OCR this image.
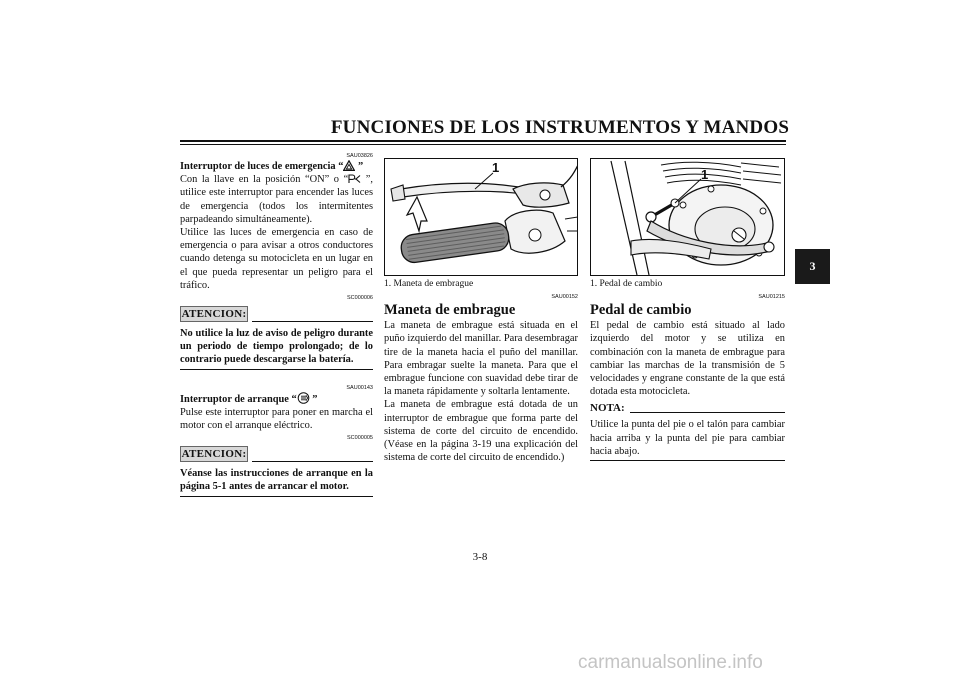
FUNCIONES DE LOS INSTRUMENTOS Y MANDOS
3
SAU03826

Interruptor de luces de emergencia “ ”

Con la llave en la posición “ON” o “ ”, utilice este interruptor para encender las luces de emergencia (todos los intermitentes parpadeando simultáneamente).

Utilice las luces de emergencia en caso de emergencia o para avisar a otros conductores cuando detenga su motocicleta en un lugar en el que pueda representar un peligro para el tráfico.

SC000006
ATENCION:

No utilice la luz de aviso de peligro durante un periodo de tiempo prolongado; de lo contrario puede descargarse la batería.

SAU00143

Interruptor de arranque “ ”

Pulse este interruptor para poner en marcha el motor con el arranque eléctrico.

SC000005
ATENCION:

Véanse las instrucciones de arranque en la página 5-1 antes de arrancar el motor.

1
1. Maneta de embrague
SAU00152
Maneta de embrague

La maneta de embrague está situada en el puño izquierdo del manillar. Para desembragar tire de la maneta hacia el puño del manillar. Para embragar suelte la maneta. Para que el embrague funcione con suavidad debe tirar de la maneta rápidamente y soltarla lentamente.

La maneta de embrague está dotada de un interruptor de embrague que forma parte del sistema de corte del circuito de encendido. (Véase en la página 3-19 una explicación del sistema de corte del circuito de encendido.)

1
1. Pedal de cambio
SAU01215
Pedal de cambio

El pedal de cambio está situado al lado izquierdo del motor y se utiliza en combinación con la maneta de embrague para cambiar las marchas de la transmisión de 5 velocidades y engrane constante de la que está dotada esta motocicleta.

NOTA:

Utilice la punta del pie o el talón para cambiar hacia arriba y la punta del pie para cambiar hacia abajo.

3-8
carmanualsonline.info
